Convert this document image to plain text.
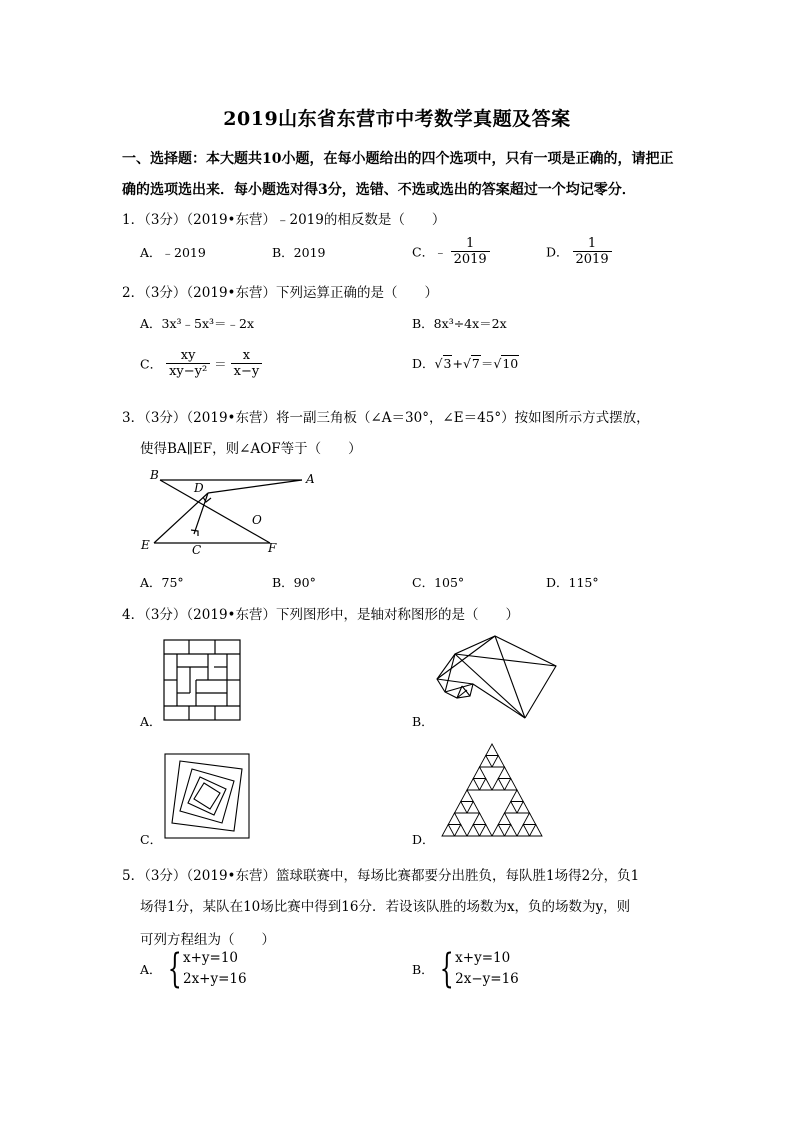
2019山东省东营市中考数学真题及答案
一、选择题：本大题共10小题，在每小题给出的四个选项中，只有一项是正确的，请把正
确的选项选出来．每小题选对得3分，选错、不选或选出的答案超过一个均记零分．
1．（3分）（2019•东营）﹣2019的相反数是（　　）
A．﹣2019	B．2019	C．﹣ $\frac{1}{2019}$	D． $\frac{1}{2019}$
2．（3分）（2019•东营）下列运算正确的是（　　）
A．3x³﹣5x³＝﹣2x	B．8x³÷4x＝2x
C． $\frac{xy}{\text{xy−y²}} = \frac{x}{x-y}$	D．√3+√7＝√10
3．（3分）（2019•东营）将一副三角板（∠A＝30°，∠E＝45°）按如图所示方式摆放，
使得BA∥EF，则∠AOF等于（　　）
B	A
D
O
E	C	F
A．75°	B．90°	C．105°	D．115°
4．（3分）（2019•东营）下列图形中，是轴对称图形的是（　　）
A．	B．
C．	D．
5．（3分）（2019•东营）篮球联赛中，每场比赛都要分出胜负，每队胜1场得2分，负1
场得1分，某队在10场比赛中得到16分．若设该队胜的场数为x，负的场数为y，则
可列方程组为（　　）
A． { x+y=10
2x+y=16
B． { x+y=10
2x−y=16
